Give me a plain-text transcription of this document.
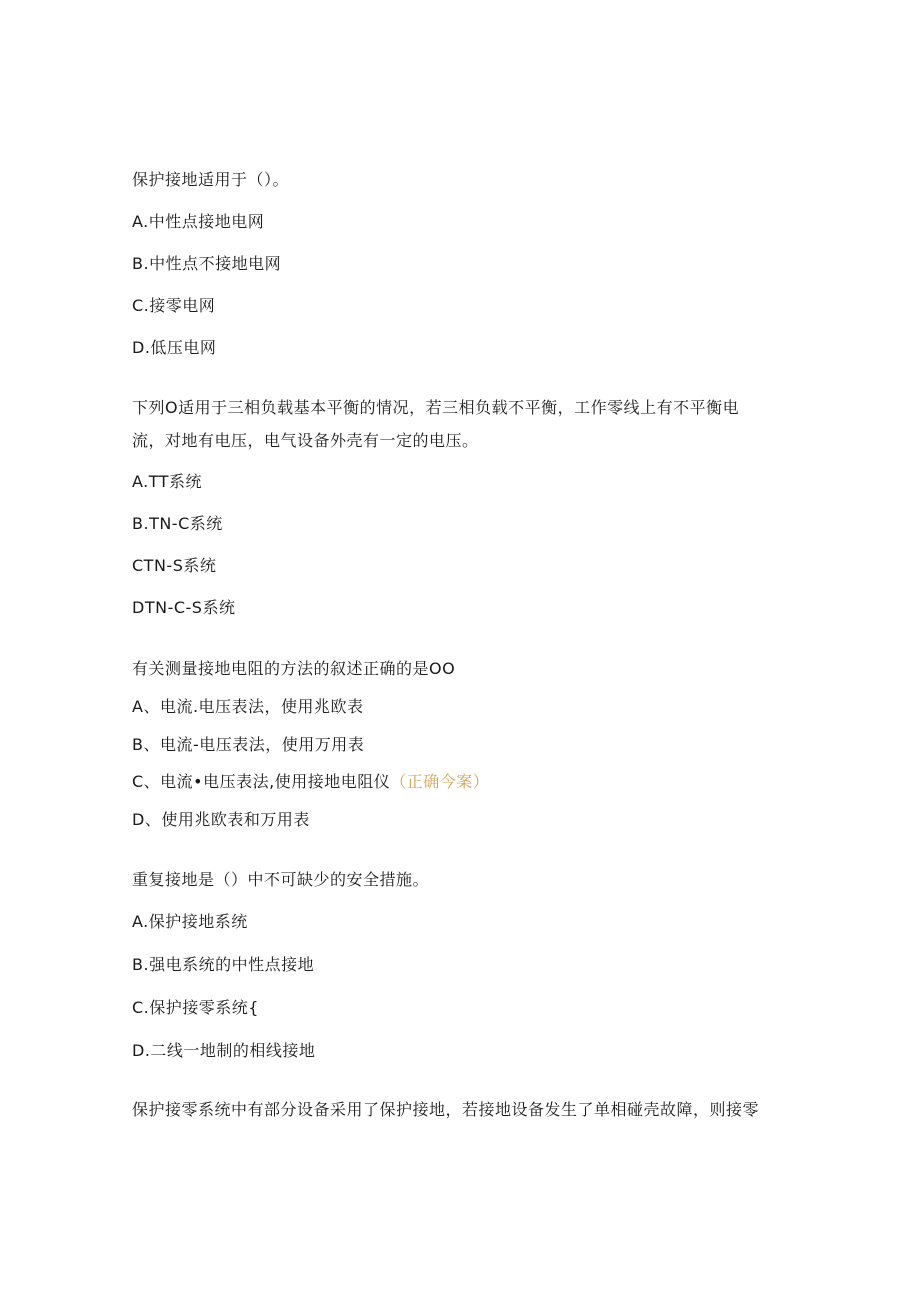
保护接地适用于（）。
A.中性点接地电网
B.中性点不接地电网
C.接零电网
D.低压电网
下列O适用于三相负载基本平衡的情况，若三相负载不平衡，工作零线上有不平衡电
流，对地有电压，电气设备外壳有一定的电压。
A.TT系统
B.TN-C系统
CTN-S系统
DTN-C-S系统
有关测量接地电阻的方法的叙述正确的是OO
A、电流.电压表法，使用兆欧表
B、电流-电压表法，使用万用表
C、电流•电压表法,使用接地电阻仪（正确今案）
D、使用兆欧表和万用表
重复接地是（）中不可缺少的安全措施。
A.保护接地系统
B.强电系统的中性点接地
C.保护接零系统{
D.二线一地制的相线接地
保护接零系统中有部分设备采用了保护接地，若接地设备发生了单相碰壳故障，则接零
